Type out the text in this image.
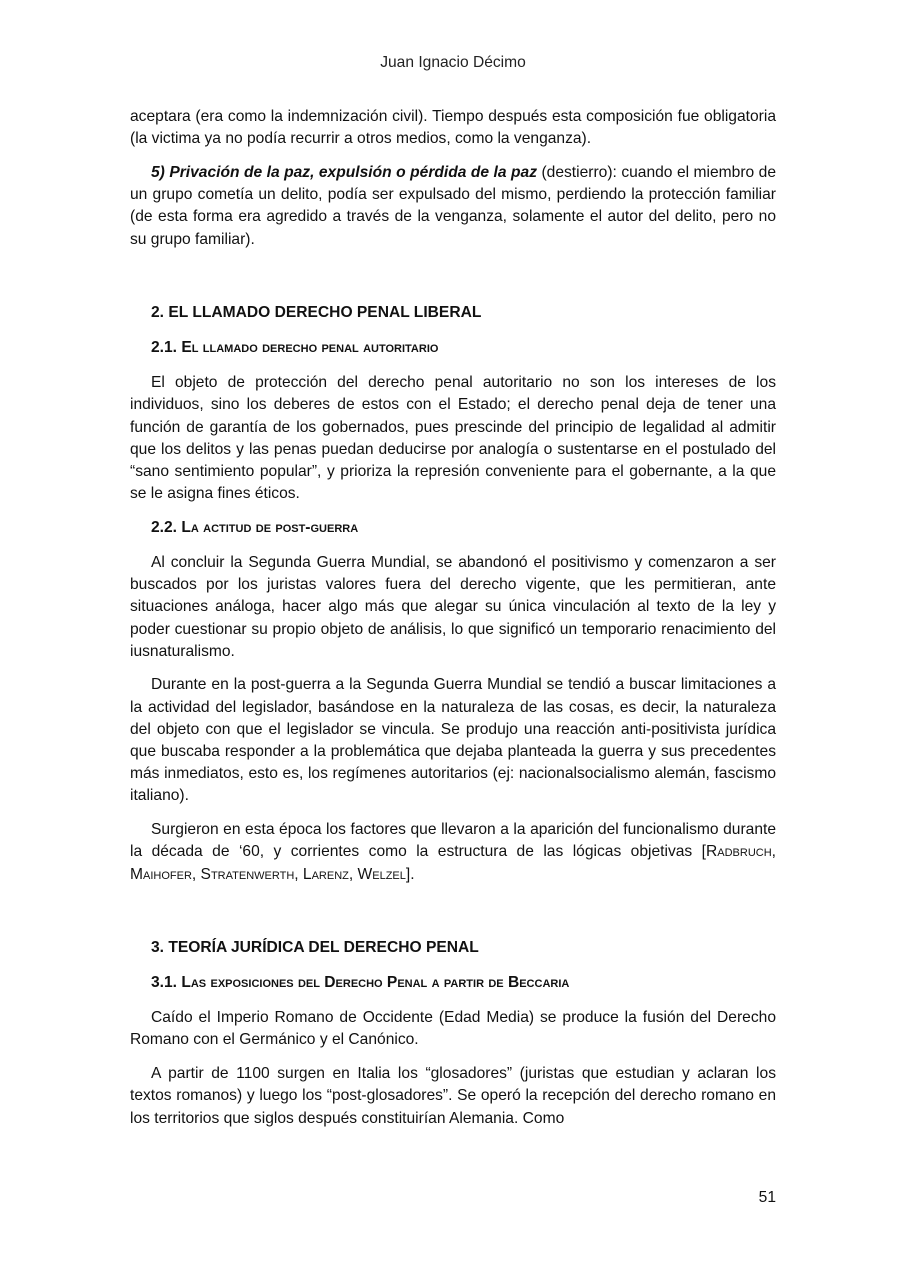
Juan Ignacio Décimo

aceptara (era como la indemnización civil). Tiempo después esta composición fue obligatoria (la victima ya no podía recurrir a otros medios, como la venganza).

5) Privación de la paz, expulsión o pérdida de la paz (destierro): cuando el miembro de un grupo cometía un delito, podía ser expulsado del mismo, perdiendo la protección familiar (de esta forma era agredido a través de la venganza, solamente el autor del delito, pero no su grupo familiar).

2. EL LLAMADO DERECHO PENAL LIBERAL
2.1. El llamado derecho penal autoritario

El objeto de protección del derecho penal autoritario no son los intereses de los individuos, sino los deberes de estos con el Estado; el derecho penal deja de tener una función de garantía de los gobernados, pues prescinde del principio de legalidad al admitir que los delitos y las penas puedan deducirse por analogía o sustentarse en el postulado del “sano sentimiento popular”, y prioriza la represión conveniente para el gobernante, a la que se le asigna fines éticos.

2.2. La actitud de post-guerra

Al concluir la Segunda Guerra Mundial, se abandonó el positivismo y comenzaron a ser buscados por los juristas valores fuera del derecho vigente, que les permitieran, ante situaciones análoga, hacer algo más que alegar su única vinculación al texto de la ley y poder cuestionar su propio objeto de análisis, lo que significó un temporario renacimiento del iusnaturalismo.

Durante en la post-guerra a la Segunda Guerra Mundial se tendió a buscar limitaciones a la actividad del legislador, basándose en la naturaleza de las cosas, es decir, la naturaleza del objeto con que el legislador se vincula. Se produjo una reacción anti-positivista jurídica que buscaba responder a la problemática que dejaba planteada la guerra y sus precedentes más inmediatos, esto es, los regímenes autoritarios (ej: nacionalsocialismo alemán, fascismo italiano).

Surgieron en esta época los factores que llevaron a la aparición del funcionalismo durante la década de ‘60, y corrientes como la estructura de las lógicas objetivas [Radbruch, Maihofer, Stratenwerth, Larenz, Welzel].

3. TEORÍA JURÍDICA DEL DERECHO PENAL
3.1. Las exposiciones del Derecho Penal a partir de Beccaria

Caído el Imperio Romano de Occidente (Edad Media) se produce la fusión del Derecho Romano con el Germánico y el Canónico.

A partir de 1100 surgen en Italia los “glosadores” (juristas que estudian y aclaran los textos romanos) y luego los “post-glosadores”. Se operó la recepción del derecho romano en los territorios que siglos después constituirían Alemania. Como

51
